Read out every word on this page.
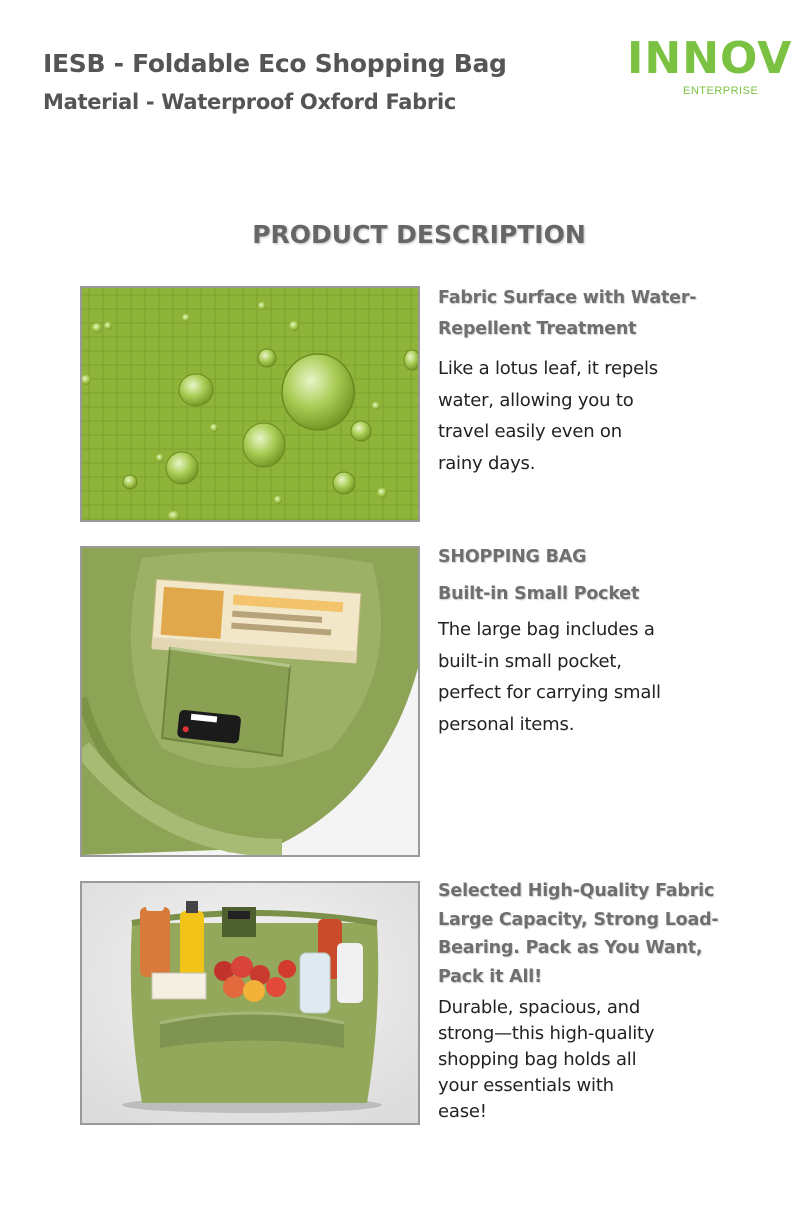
IESB - Foldable Eco Shopping Bag
Material - Waterproof Oxford Fabric
INNOV
ENTERPRISE
PRODUCT DESCRIPTION
Fabric Surface with Water-
Repellent Treatment
Like a lotus leaf, it repels
water, allowing you to
travel easily even on
rainy days.
SHOPPING BAG
Built-in Small Pocket
The large bag includes a
built-in small pocket,
perfect for carrying small
personal items.
Selected High-Quality Fabric
Large Capacity, Strong Load-
Bearing. Pack as You Want,
Pack it All!
Durable, spacious, and
strong—this high-quality
shopping bag holds all
your essentials with
ease!
